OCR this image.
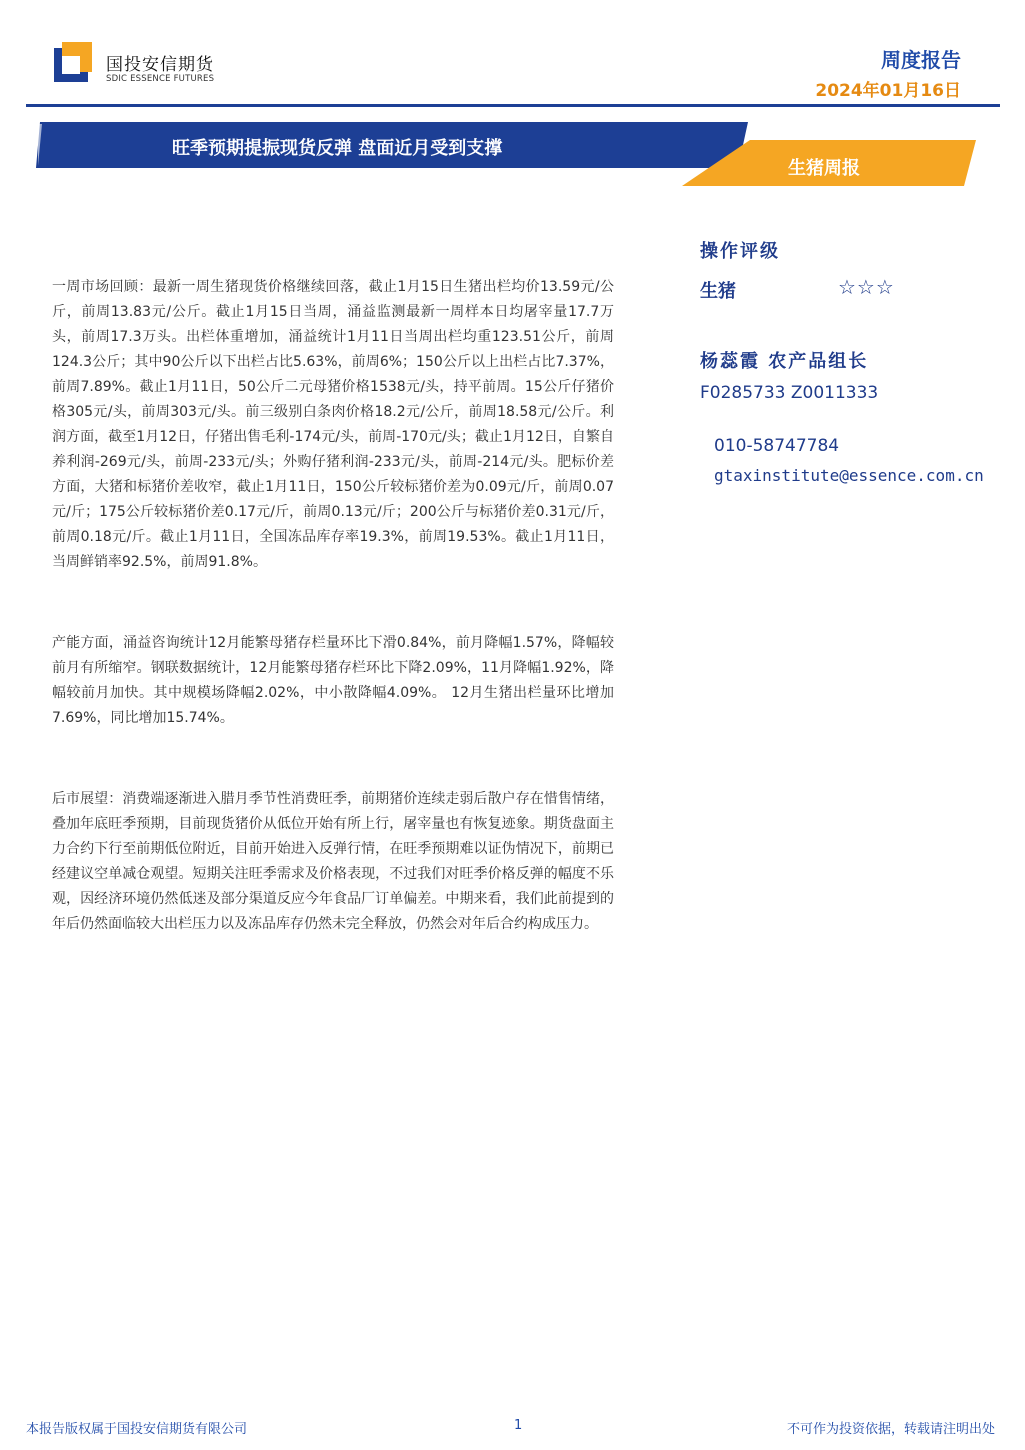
国投安信期货
SDIC ESSENCE FUTURES
周度报告
2024年01月16日
旺季预期提振现货反弹 盘面近月受到支撑
生猪周报

一周市场回顾：最新一周生猪现货价格继续回落，截止1月15日生猪出栏均价13.59元/公斤，前周13.83元/公斤。截止1月15日当周，涌益监测最新一周样本日均屠宰量17.7万头，前周17.3万头。出栏体重增加，涌益统计1月11日当周出栏均重123.51公斤，前周124.3公斤；其中90公斤以下出栏占比5.63%，前周6%；150公斤以上出栏占比7.37%，前周7.89%。截止1月11日，50公斤二元母猪价格1538元/头，持平前周。15公斤仔猪价格305元/头，前周303元/头。前三级别白条肉价格18.2元/公斤，前周18.58元/公斤。利润方面，截至1月12日，仔猪出售毛利-174元/头，前周-170元/头；截止1月12日，自繁自养利润-269元/头，前周-233元/头；外购仔猪利润-233元/头，前周-214元/头。肥标价差方面，大猪和标猪价差收窄，截止1月11日，150公斤较标猪价差为0.09元/斤，前周0.07元/斤；175公斤较标猪价差0.17元/斤，前周0.13元/斤；200公斤与标猪价差0.31元/斤，前周0.18元/斤。截止1月11日，全国冻品库存率19.3%，前周19.53%。截止1月11日，当周鲜销率92.5%，前周91.8%。

产能方面，涌益咨询统计12月能繁母猪存栏量环比下滑0.84%，前月降幅1.57%，降幅较前月有所缩窄。钢联数据统计，12月能繁母猪存栏环比下降2.09%，11月降幅1.92%，降幅较前月加快。其中规模场降幅2.02%，中小散降幅4.09%。 12月生猪出栏量环比增加7.69%，同比增加15.74%。

后市展望：消费端逐渐进入腊月季节性消费旺季，前期猪价连续走弱后散户存在惜售情绪，叠加年底旺季预期，目前现货猪价从低位开始有所上行，屠宰量也有恢复迹象。期货盘面主力合约下行至前期低位附近，目前开始进入反弹行情，在旺季预期难以证伪情况下，前期已经建议空单减仓观望。短期关注旺季需求及价格表现，不过我们对旺季价格反弹的幅度不乐观，因经济环境仍然低迷及部分渠道反应今年食品厂订单偏差。中期来看，我们此前提到的年后仍然面临较大出栏压力以及冻品库存仍然未完全释放，仍然会对年后合约构成压力。

操作评级
生猪	☆☆☆
杨蕊霞 农产品组长
F0285733 Z0011333
010-58747784
gtaxinstitute@essence.com.cn
本报告版权属于国投安信期货有限公司	1	不可作为投资依据，转载请注明出处
